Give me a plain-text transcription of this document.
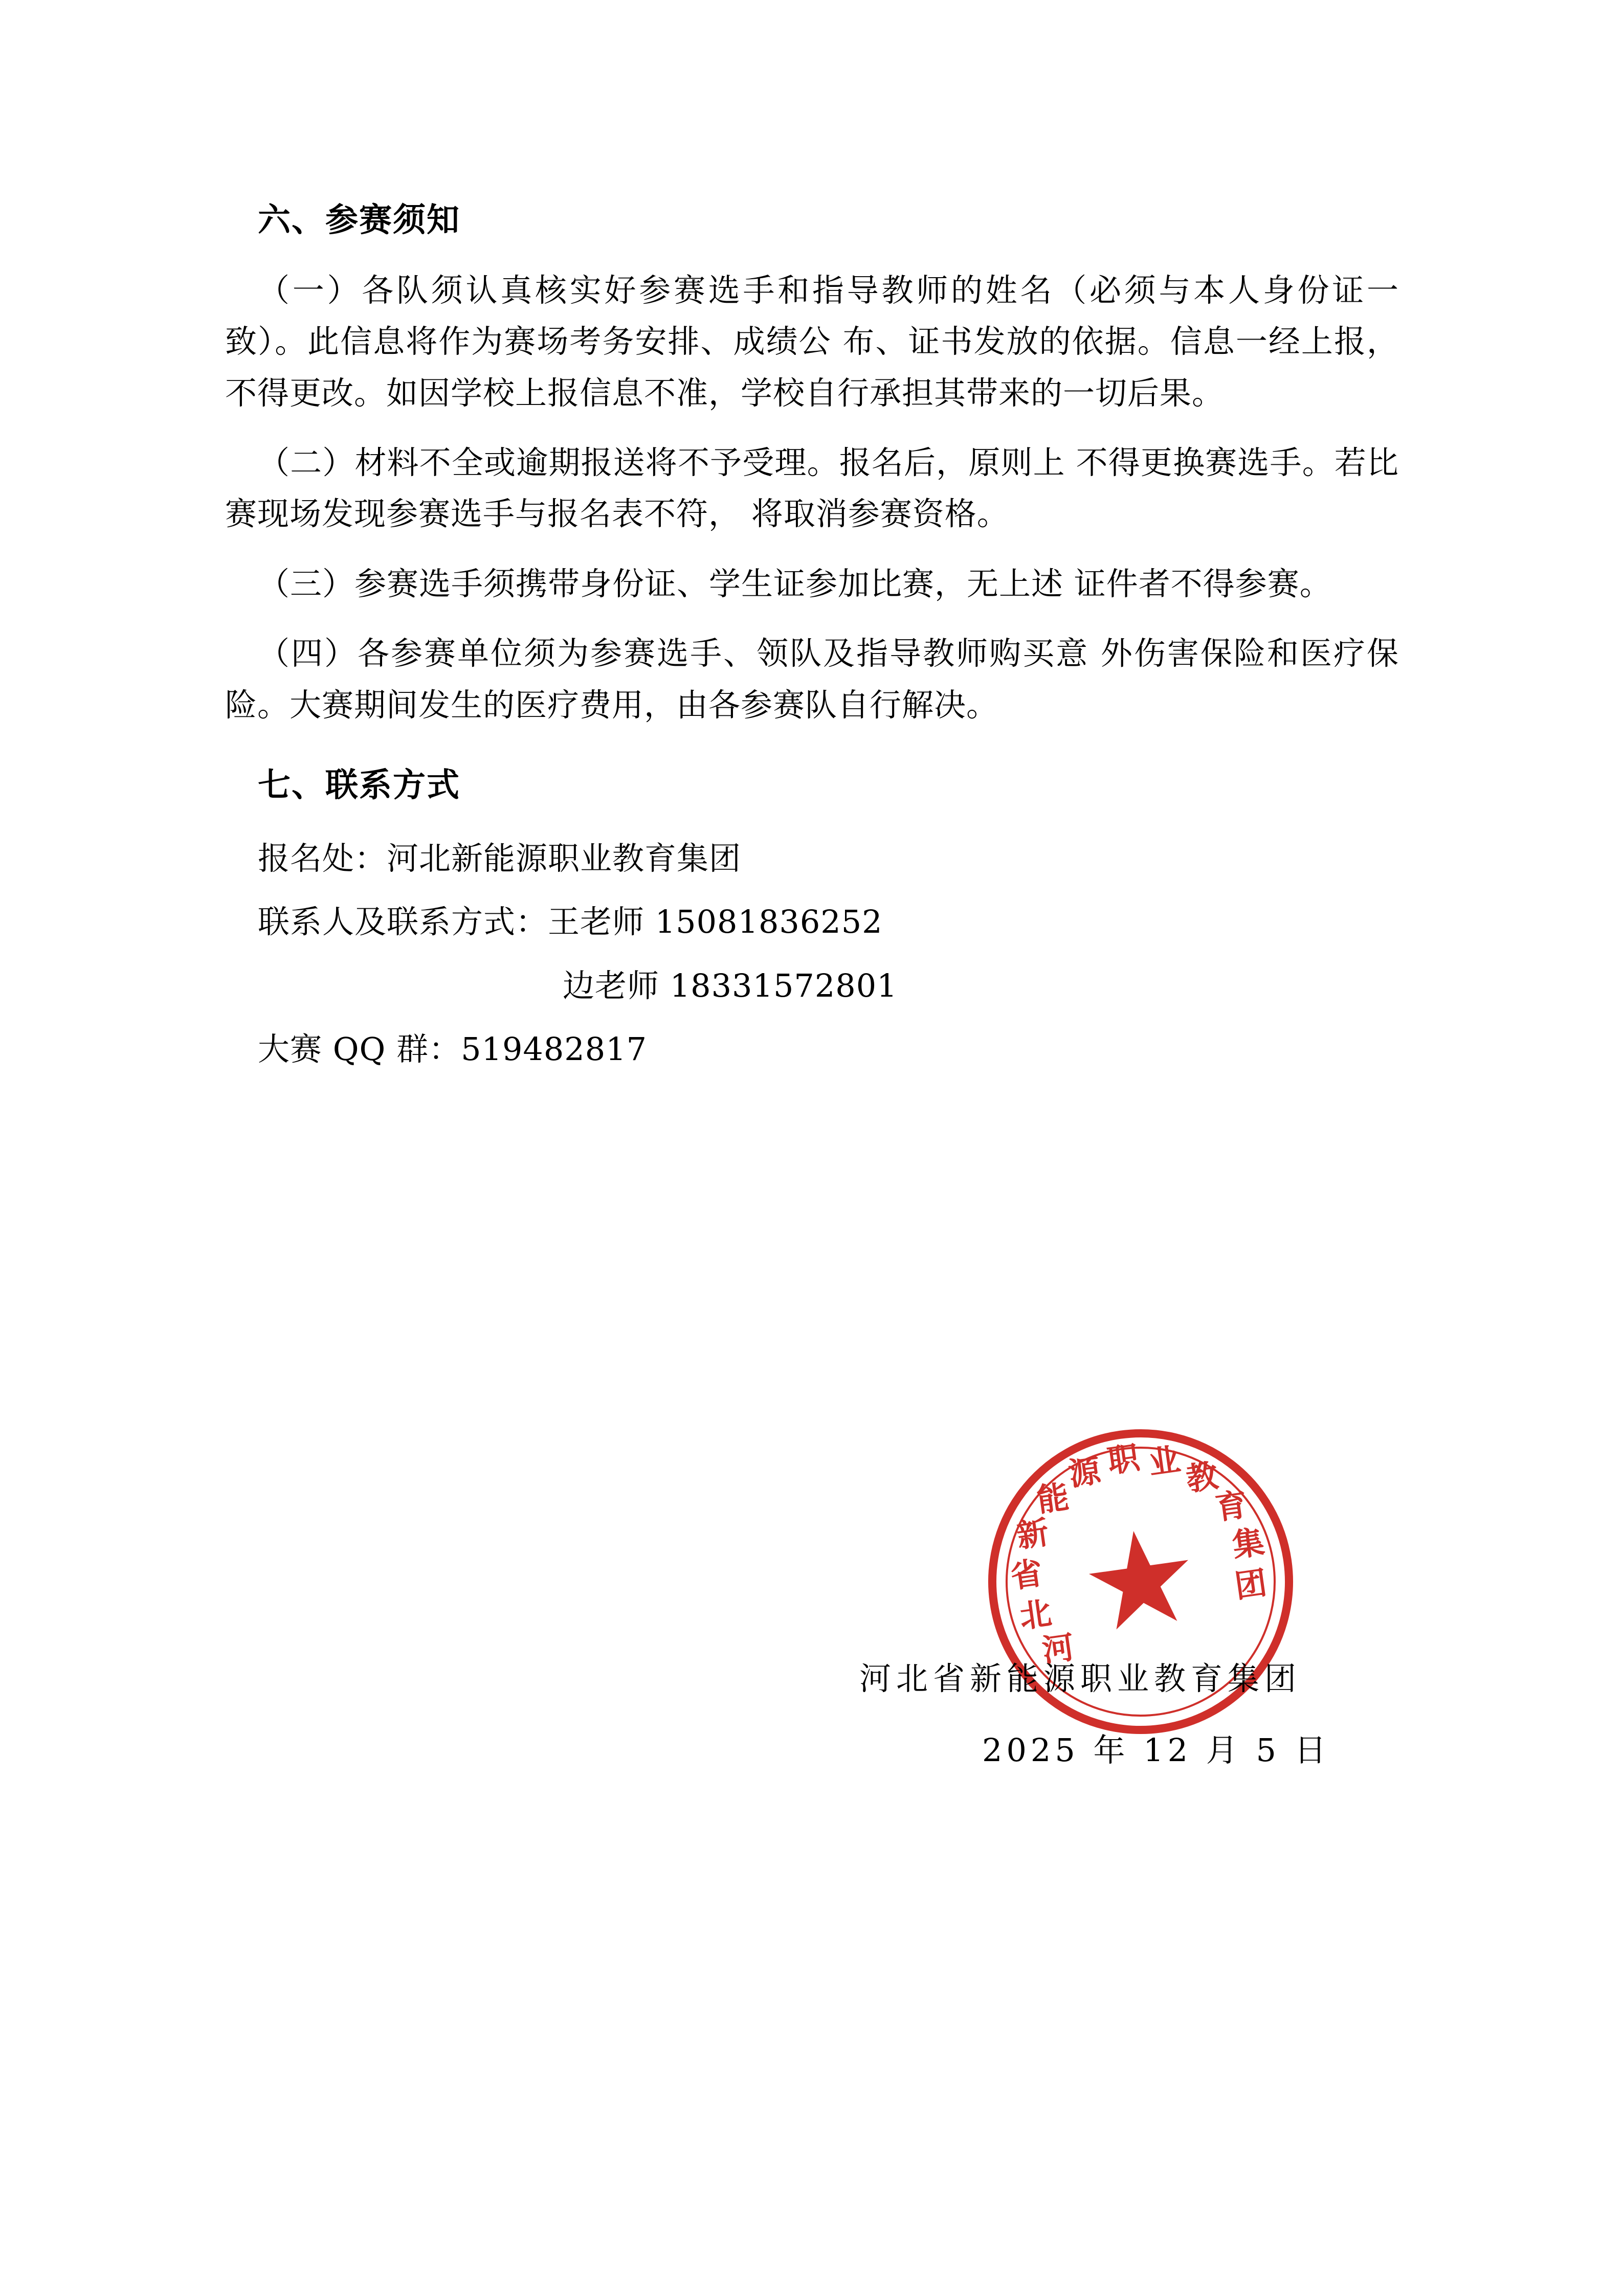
六、参赛须知

（一）各队须认真核实好参赛选手和指导教师的姓名（必须与本人身份证一致）。此信息将作为赛场考务安排、成绩公 布、证书发放的依据。信息一经上报，不得更改。如因学校上报信息不准，学校自行承担其带来的一切后果。

（二）材料不全或逾期报送将不予受理。报名后，原则上 不得更换赛选手。若比赛现场发现参赛选手与报名表不符， 将取消参赛资格。

（三）参赛选手须携带身份证、学生证参加比赛，无上述 证件者不得参赛。

（四）各参赛单位须为参赛选手、领队及指导教师购买意 外伤害保险和医疗保险。大赛期间发生的医疗费用，由各参赛队自行解决。

七、联系方式
报名处：河北新能源职业教育集团
联系人及联系方式：王老师 15081836252
边老师 18331572801
大赛 QQ 群：519482817
河
北
省
新
能
源 职 业 教
育
集
团
河北省新能源职业教育集团
2025 年 12 月 5 日
